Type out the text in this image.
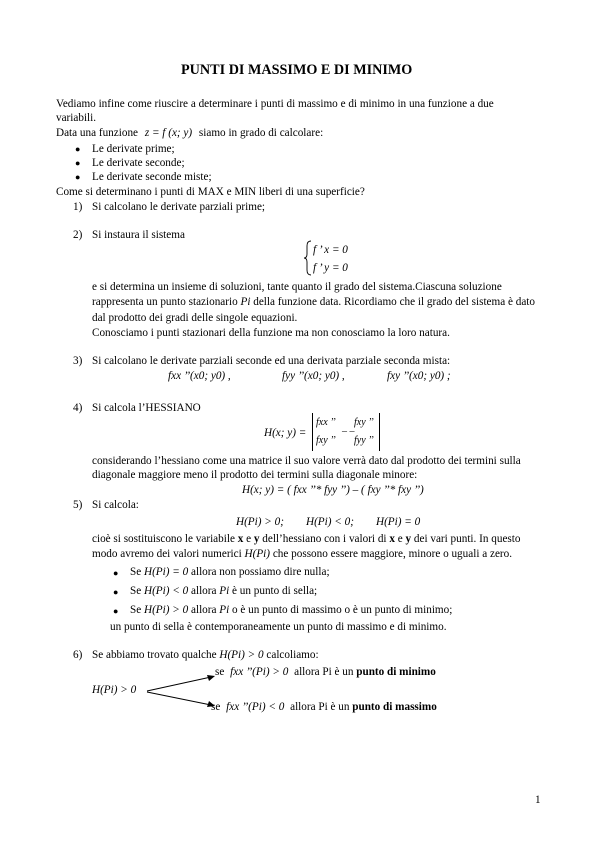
PUNTI DI MASSIMO E DI MINIMO
Vediamo infine come riuscire a determinare i punti di massimo e di minimo in una funzione a due
variabili.
Data una funzione z = f (x; y) siamo in grado di calcolare:
● Le derivate prime;
● Le derivate seconde;
● Le derivate seconde miste;
Come si determinano i punti di MAX e MIN liberi di una superficie?
1) Si calcolano le derivate parziali prime;
2) Si instaura il sistema
f ’ x = 0
f ’ y = 0
e si determina un insieme di soluzioni, tante quanto il grado del sistema.Ciascuna soluzione
rappresenta un punto stazionario Pi della funzione data. Ricordiamo che il grado del sistema è dato
dal prodotto dei gradi delle singole equazioni.
Conosciamo i punti stazionari della funzione ma non conosciamo la loro natura.
3) Si calcolano le derivate parziali seconde ed una derivata parziale seconda mista:
fxx ’’(x0; y0) ,	fyy ’’(x0; y0) ,	fxy ’’(x0; y0) ;
4) Si calcola l’HESSIANO
H(x; y) =
fxx ’’ fxy ’’
– –
fxy ’’ fyy ’’
considerando l’hessiano come una matrice il suo valore verrà dato dal prodotto dei termini sulla
diagonale maggiore meno il prodotto dei termini sulla diagonale minore:
H(x; y) = ( fxx ’’* fyy ’’) – ( fxy ’’* fxy ’’)
5) Si calcola:
H(Pi) > 0; H(Pi) < 0; H(Pi) = 0
cioè si sostituiscono le variabile x e y dell’hessiano con i valori di x e y dei vari punti. In questo
modo avremo dei valori numerici H(Pi) che possono essere maggiore, minore o uguali a zero.
● Se H(Pi) = 0 allora non possiamo dire nulla;
● Se H(Pi) < 0 allora Pi è un punto di sella;
● Se H(Pi) > 0 allora Pi o è un punto di massimo o è un punto di minimo;
un punto di sella è contemporaneamente un punto di massimo e di minimo.
6) Se abbiamo trovato qualche H(Pi) > 0 calcoliamo:
se fxx ’’(Pi) > 0 allora Pi è un punto di minimo
H(Pi) > 0
se fxx ’’(Pi) < 0 allora Pi è un punto di massimo
1
